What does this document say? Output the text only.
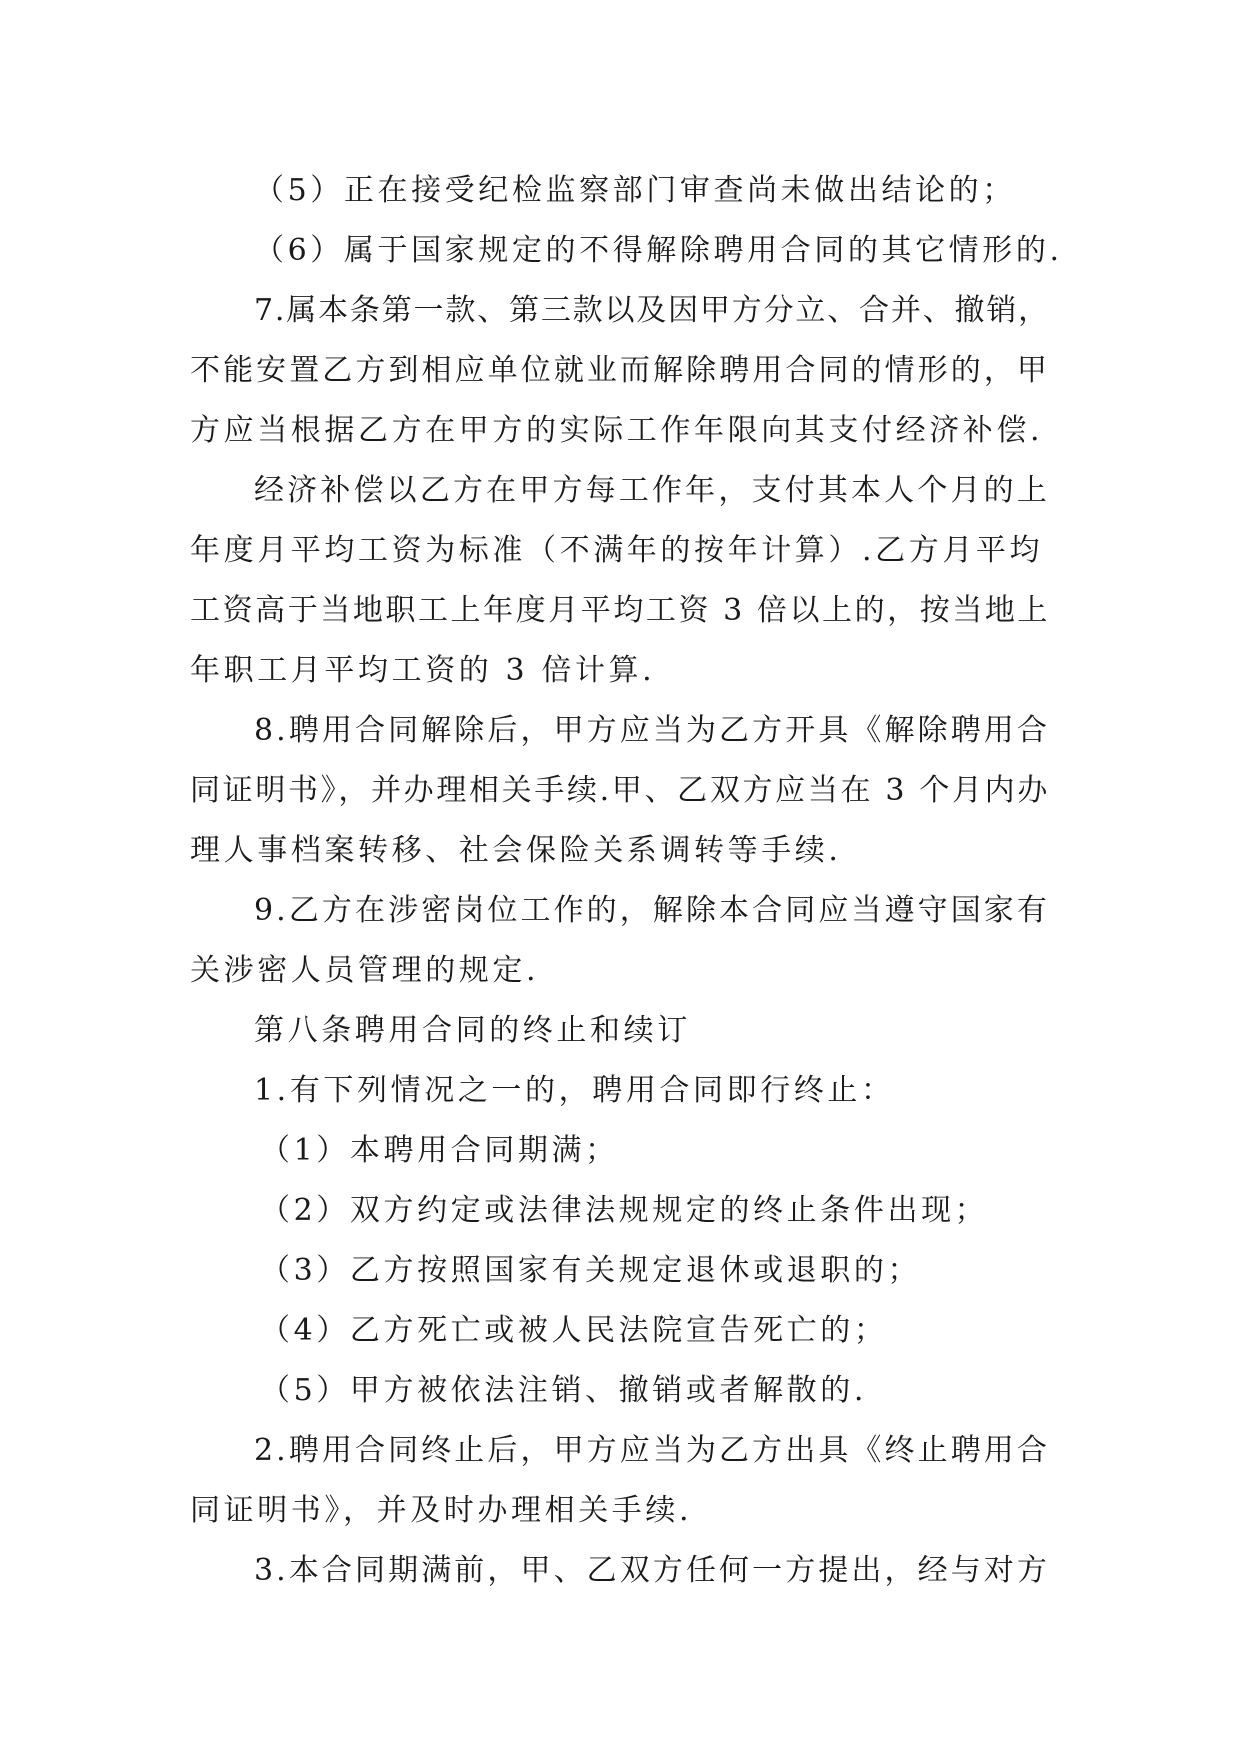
（5）正在接受纪检监察部门审查尚未做出结论的；
（6）属于国家规定的不得解除聘用合同的其它情形的.
7.属本条第一款、第三款以及因甲方分立、合并、撤销，
不能安置乙方到相应单位就业而解除聘用合同的情形的，甲
方应当根据乙方在甲方的实际工作年限向其支付经济补偿.
经济补偿以乙方在甲方每工作年，支付其本人个月的上
年度月平均工资为标准（不满年的按年计算）.乙方月平均
工资高于当地职工上年度月平均工资 3 倍以上的，按当地上
年职工月平均工资的 3 倍计算.
8.聘用合同解除后，甲方应当为乙方开具《解除聘用合
同证明书》，并办理相关手续.甲、乙双方应当在 3 个月内办
理人事档案转移、社会保险关系调转等手续.
9.乙方在涉密岗位工作的，解除本合同应当遵守国家有
关涉密人员管理的规定.
第八条聘用合同的终止和续订
1.有下列情况之一的，聘用合同即行终止：
（1）本聘用合同期满；
（2）双方约定或法律法规规定的终止条件出现；
（3）乙方按照国家有关规定退休或退职的；
（4）乙方死亡或被人民法院宣告死亡的；
（5）甲方被依法注销、撤销或者解散的.
2.聘用合同终止后，甲方应当为乙方出具《终止聘用合
同证明书》，并及时办理相关手续.
3.本合同期满前，甲、乙双方任何一方提出，经与对方
